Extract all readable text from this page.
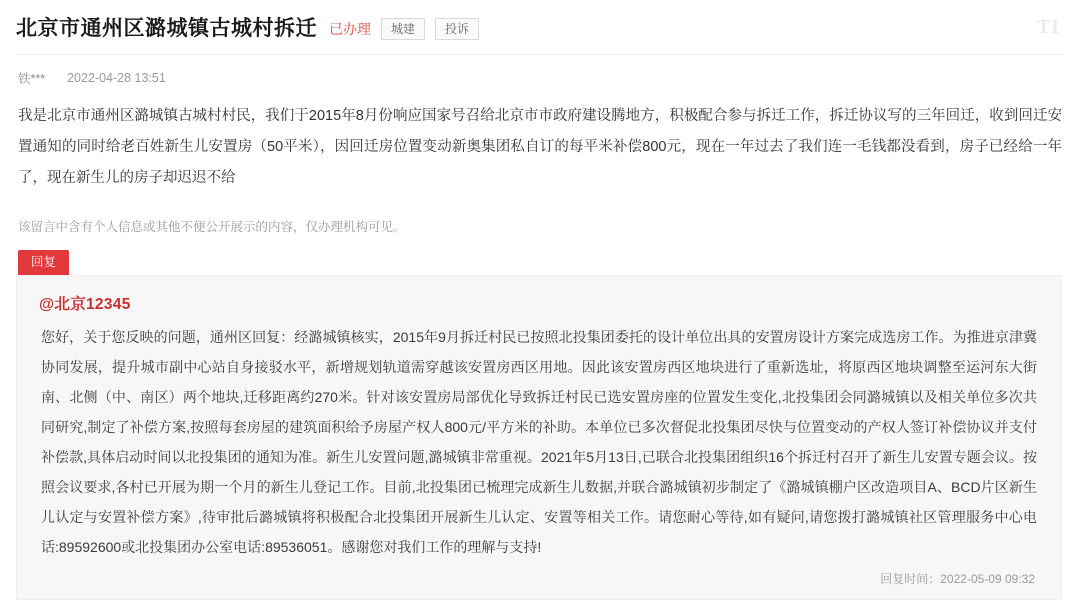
TI
北京市通州区潞城镇古城村拆迁 已办理	城建	投诉
铁*** 2022-04-28 13:51
我是北京市通州区潞城镇古城村村民，我们于2015年8月份响应国家号召给北京市市政府建设腾地方，积极配合参与拆迁工作，拆迁协议写的三年回迁，收到回迁安置通知的同时给老百姓新生儿安置房（50平米），因回迁房位置变动新奥集团私自订的每平米补偿800元，现在一年过去了我们连一毛钱都没看到，房子已经给一年了，现在新生儿的房子却迟迟不给
该留言中含有个人信息或其他不便公开展示的内容，仅办理机构可见。
回复
@北京12345
您好，关于您反映的问题，通州区回复：经潞城镇核实，2015年9月拆迁村民已按照北投集团委托的设计单位出具的安置房设计方案完成选房工作。为推进京津冀协同发展，提升城市副中心站自身接驳水平，新增规划轨道需穿越该安置房西区用地。因此该安置房西区地块进行了重新选址，将原西区地块调整至运河东大街南、北侧（中、南区）两个地块,迁移距离约270米。针对该安置房局部优化导致拆迁村民已选安置房座的位置发生变化,北投集团会同潞城镇以及相关单位多次共同研究,制定了补偿方案,按照每套房屋的建筑面积给予房屋产权人800元/平方米的补助。本单位已多次督促北投集团尽快与位置变动的产权人签订补偿协议并支付补偿款,具体启动时间以北投集团的通知为准。新生儿安置问题,潞城镇非常重视。2021年5月13日,已联合北投集团组织16个拆迁村召开了新生儿安置专题会议。按照会议要求,各村已开展为期一个月的新生儿登记工作。目前,北投集团已梳理完成新生儿数据,并联合潞城镇初步制定了《潞城镇棚户区改造项目A、BCD片区新生儿认定与安置补偿方案》,待审批后潞城镇将积极配合北投集团开展新生儿认定、安置等相关工作。请您耐心等待,如有疑问,请您拨打潞城镇社区管理服务中心电话:89592600或北投集团办公室电话:89536051。感谢您对我们工作的理解与支持!
回复时间：2022-05-09 09:32
